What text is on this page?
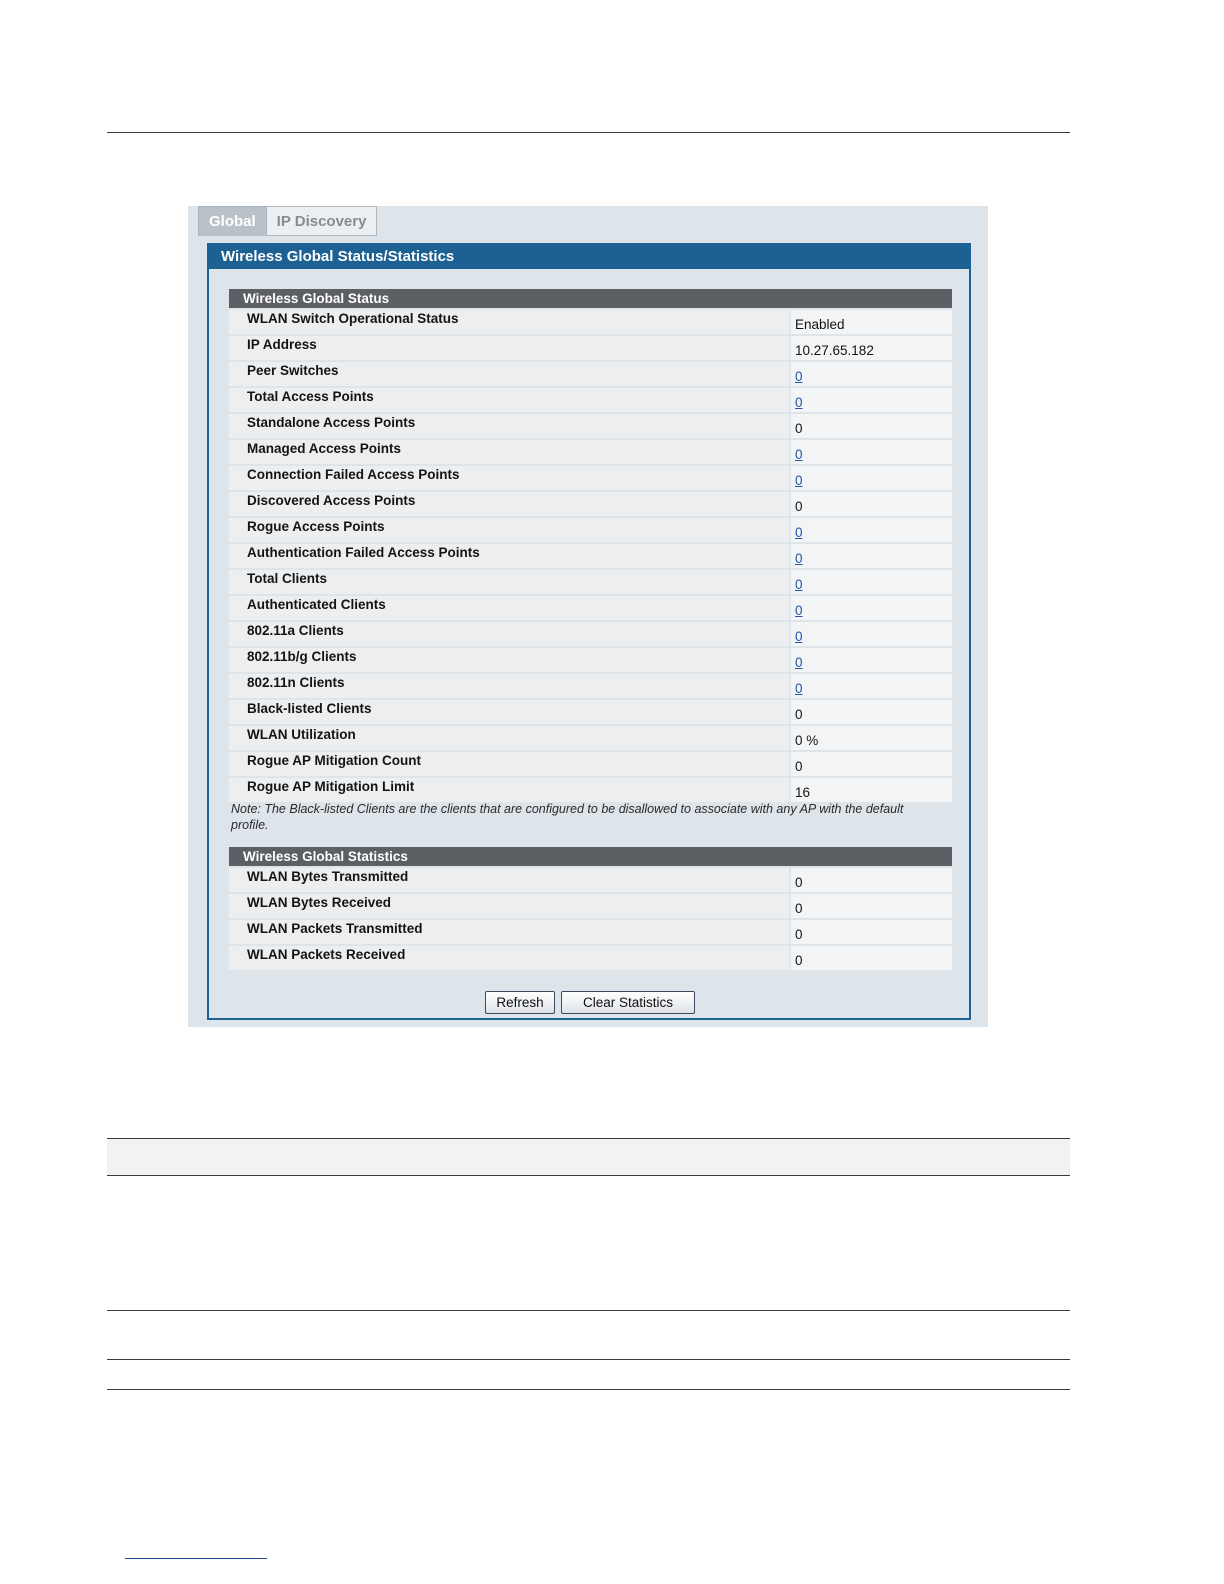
Global	IP Discovery
Wireless Global Status/Statistics
Wireless Global Status
WLAN Switch Operational Status	Enabled
IP Address	10.27.65.182
Peer Switches	0
Total Access Points	0
Standalone Access Points	0
Managed Access Points	0
Connection Failed Access Points	0
Discovered Access Points	0
Rogue Access Points	0
Authentication Failed Access Points	0
Total Clients	0
Authenticated Clients	0
802.11a Clients	0
802.11b/g Clients	0
802.11n Clients	0
Black-listed Clients	0
WLAN Utilization	0 %
Rogue AP Mitigation Count	0
Rogue AP Mitigation Limit	16
Note: The Black-listed Clients are the clients that are configured to be disallowed to associate with any AP with the default profile.
Wireless Global Statistics
WLAN Bytes Transmitted	0
WLAN Bytes Received	0
WLAN Packets Transmitted	0
WLAN Packets Received	0
Refresh	Clear Statistics
